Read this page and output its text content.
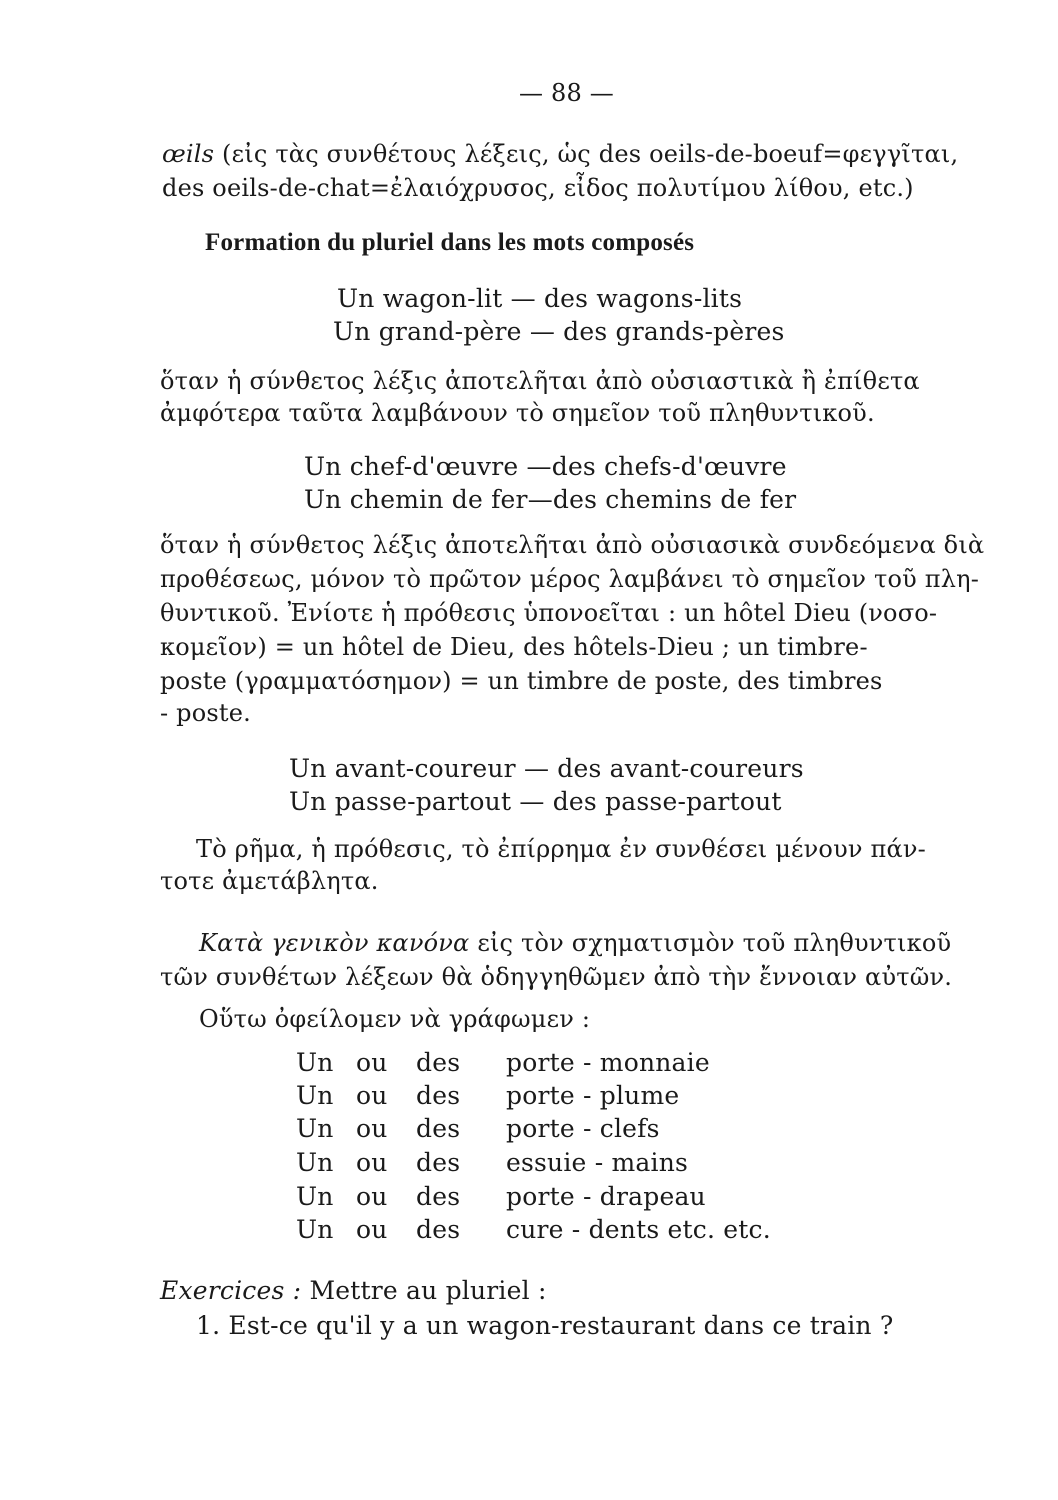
— 88 —
œils (εἰς τὰς συνθέτους λέξεις, ὡς des oeils-de-boeuf=φεγγῖται,
des oeils-de-chat=ἐλαιόχρυσος, εἶδος πολυτίμου λίθου, etc.)
Formation du pluriel dans les mots composés
Un wagon-lit — des wagons-lits
Un grand-père — des grands-pères
ὅταν ἡ σύνθετος λέξις ἀποτελῆται ἀπὸ οὐσιαστικὰ ἢ ἐπίθετα
ἀμφότερα ταῦτα λαμβάνουν τὸ σημεῖον τοῦ πληθυντικοῦ.
Un chef-d'œuvre —des chefs-d'œuvre
Un chemin de fer—des chemins de fer
ὅταν ἡ σύνθετος λέξις ἀποτελῆται ἀπὸ οὐσιασικὰ συνδεόμενα διὰ
προθέσεως, μόνον τὸ πρῶτον μέρος λαμβάνει τὸ σημεῖον τοῦ πλη-
θυντικοῦ. Ἐνίοτε ἡ πρόθεσις ὑπονοεῖται : un hôtel Dieu (νοσο-
κομεῖον) = un hôtel de Dieu, des hôtels-Dieu ; un timbre-
poste (γραμματόσημον) = un timbre de poste, des timbres
- poste.
Un avant-coureur — des avant-coureurs
Un passe-partout — des passe-partout
Τὸ ρῆμα, ἡ πρόθεσις, τὸ ἐπίρρημα ἐν συνθέσει μένουν πάν-
τοτε ἀμετάβλητα.
Κατὰ γενικὸν κανόνα εἰς τὸν σχηματισμὸν τοῦ πληθυντικοῦ
τῶν συνθέτων λέξεων θὰ ὁδηγγηθῶμεν ἀπὸ τὴν ἔννοιαν αὐτῶν.
Οὕτω ὀφείλομεν νὰ γράφωμεν :
Un ou des porte - monnaie
Un ou des porte - plume
Un ou des porte - clefs
Un ou des essuie - mains
Un ou des porte - drapeau
Un ou des cure - dents etc. etc.
Exercices : Mettre au pluriel :
1. Est-ce qu'il y a un wagon-restaurant dans ce train ?
